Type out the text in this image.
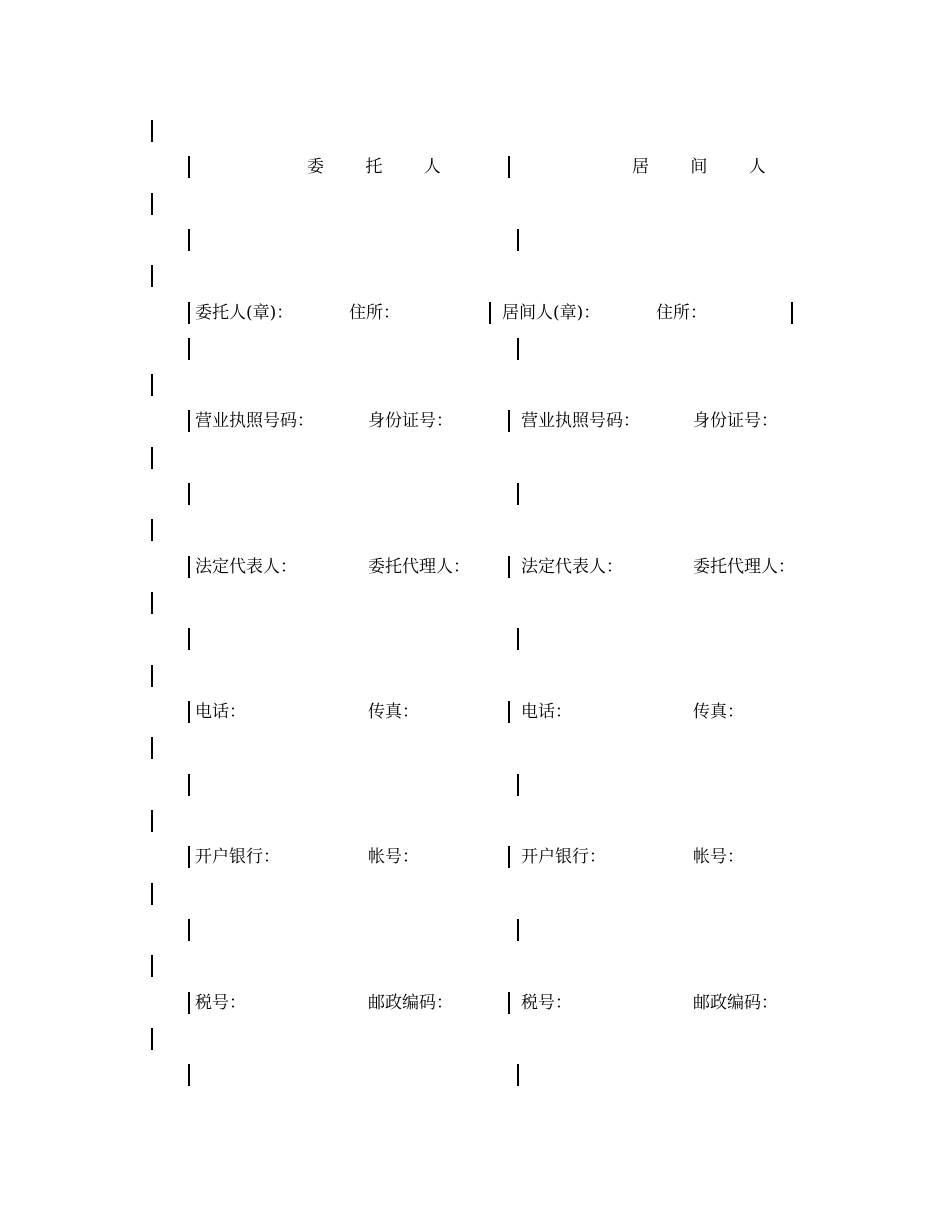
委 托 人	居 间 人
委托人(章)：	住所：	居间人(章)：	住所：
营业执照号码：	身份证号：	营业执照号码：	身份证号：
法定代表人：	委托代理人：	法定代表人：	委托代理人：
电话：	传真：	电话：	传真：
开户银行：	帐号：	开户银行：	帐号：
税号：	邮政编码：	税号：	邮政编码：
